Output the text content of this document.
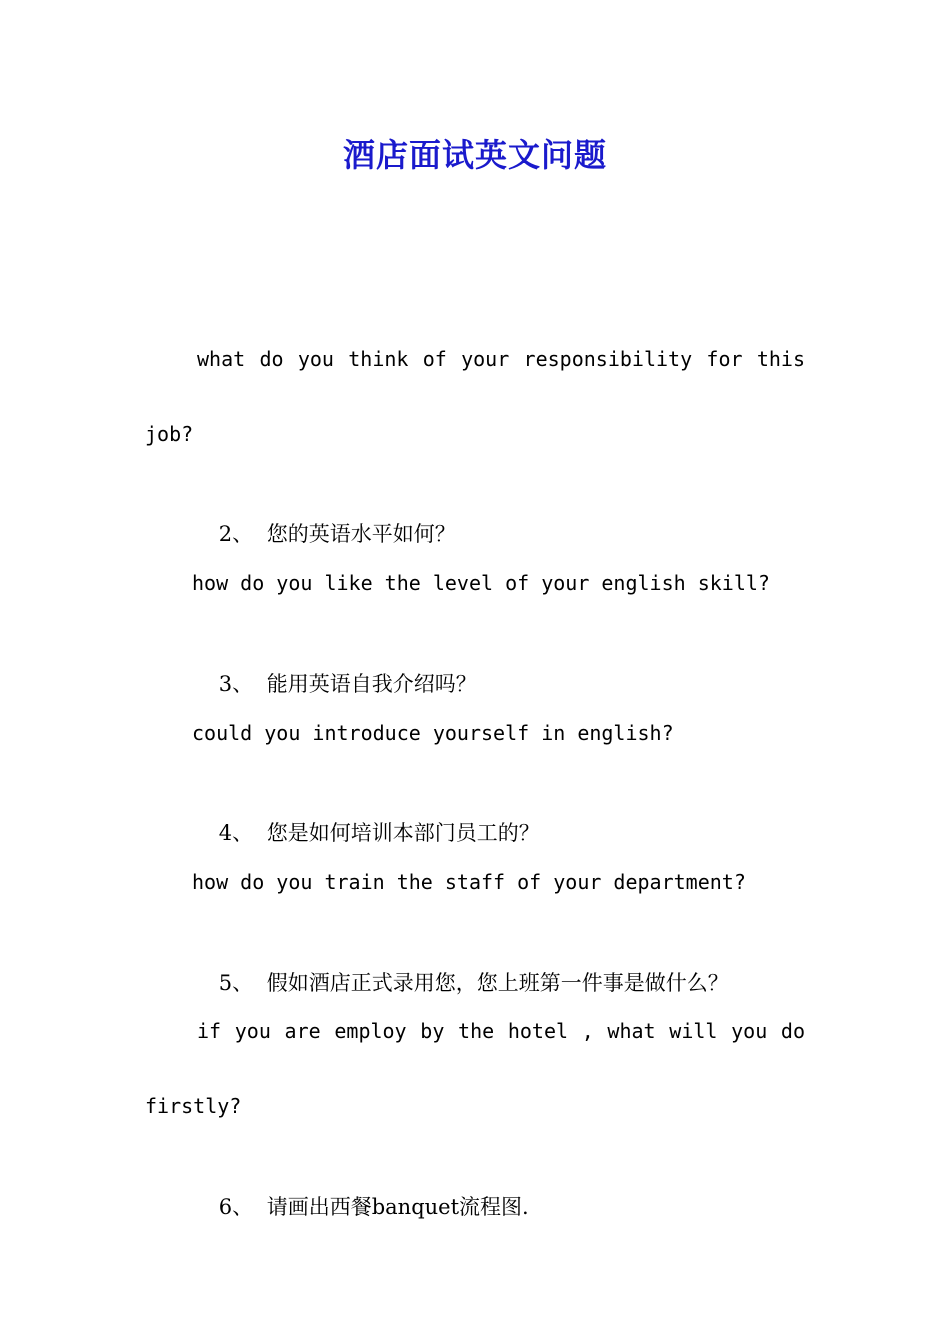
酒店面试英文问题
what do you think of your responsibility for this
job?

2、 您的英语水平如何？

how do you like the level of your english skill?

3、 能用英语自我介绍吗？

could you introduce yourself in english?

4、 您是如何培训本部门员工的？

how do you train the staff of your department?

5、 假如酒店正式录用您，您上班第一件事是做什么？

if you are employ by the hotel , what will you do
firstly?

6、 请画出西餐banquet流程图.
